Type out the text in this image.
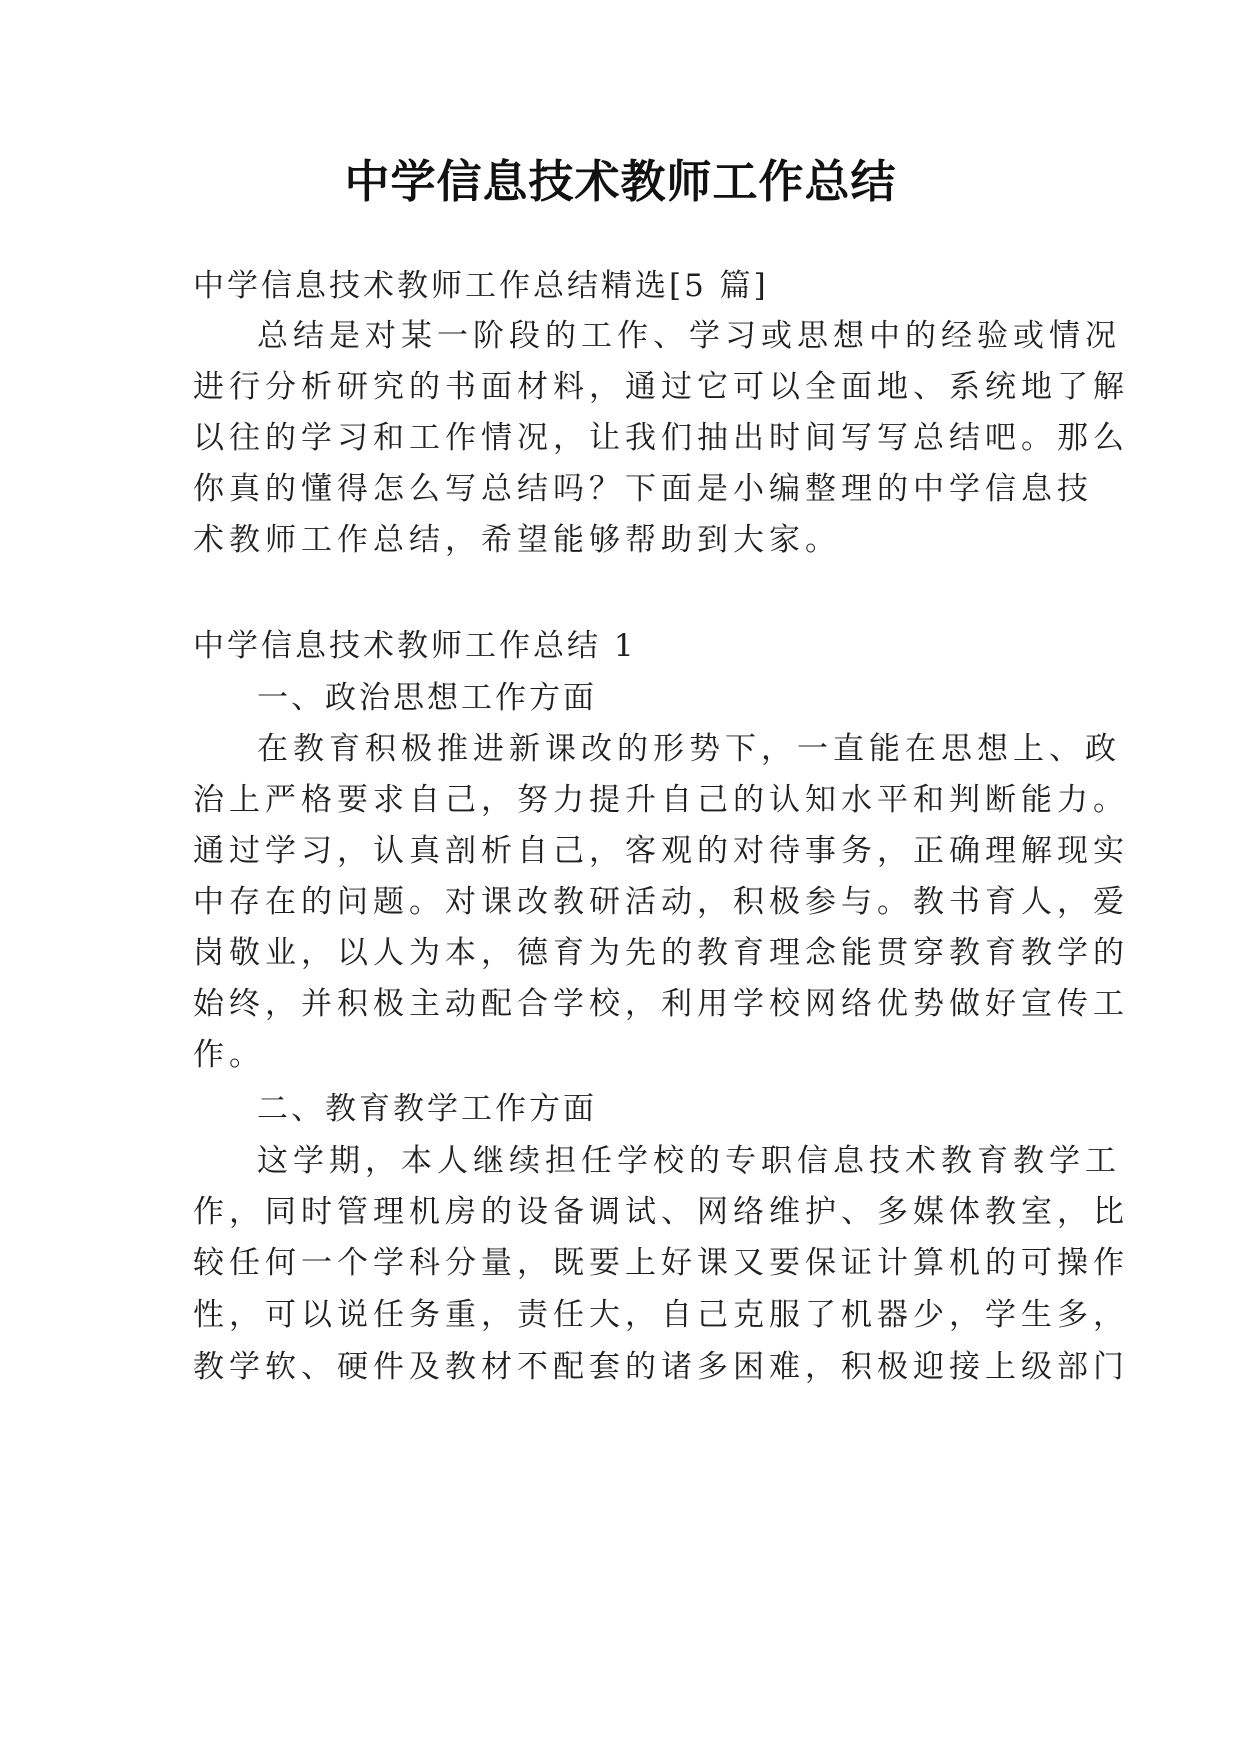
中学信息技术教师工作总结
中学信息技术教师工作总结精选[5 篇]
总结是对某一阶段的工作、学习或思想中的经验或情况
进行分析研究的书面材料，通过它可以全面地、系统地了解
以往的学习和工作情况，让我们抽出时间写写总结吧。那么
你真的懂得怎么写总结吗？下面是小编整理的中学信息技
术教师工作总结，希望能够帮助到大家。
中学信息技术教师工作总结 1
一、政治思想工作方面
在教育积极推进新课改的形势下，一直能在思想上、政
治上严格要求自己，努力提升自己的认知水平和判断能力。
通过学习，认真剖析自己，客观的对待事务，正确理解现实
中存在的问题。对课改教研活动，积极参与。教书育人，爱
岗敬业，以人为本，德育为先的教育理念能贯穿教育教学的
始终，并积极主动配合学校，利用学校网络优势做好宣传工
作。
二、教育教学工作方面
这学期，本人继续担任学校的专职信息技术教育教学工
作，同时管理机房的设备调试、网络维护、多媒体教室，比
较任何一个学科分量，既要上好课又要保证计算机的可操作
性，可以说任务重，责任大，自己克服了机器少，学生多，
教学软、硬件及教材不配套的诸多困难，积极迎接上级部门
